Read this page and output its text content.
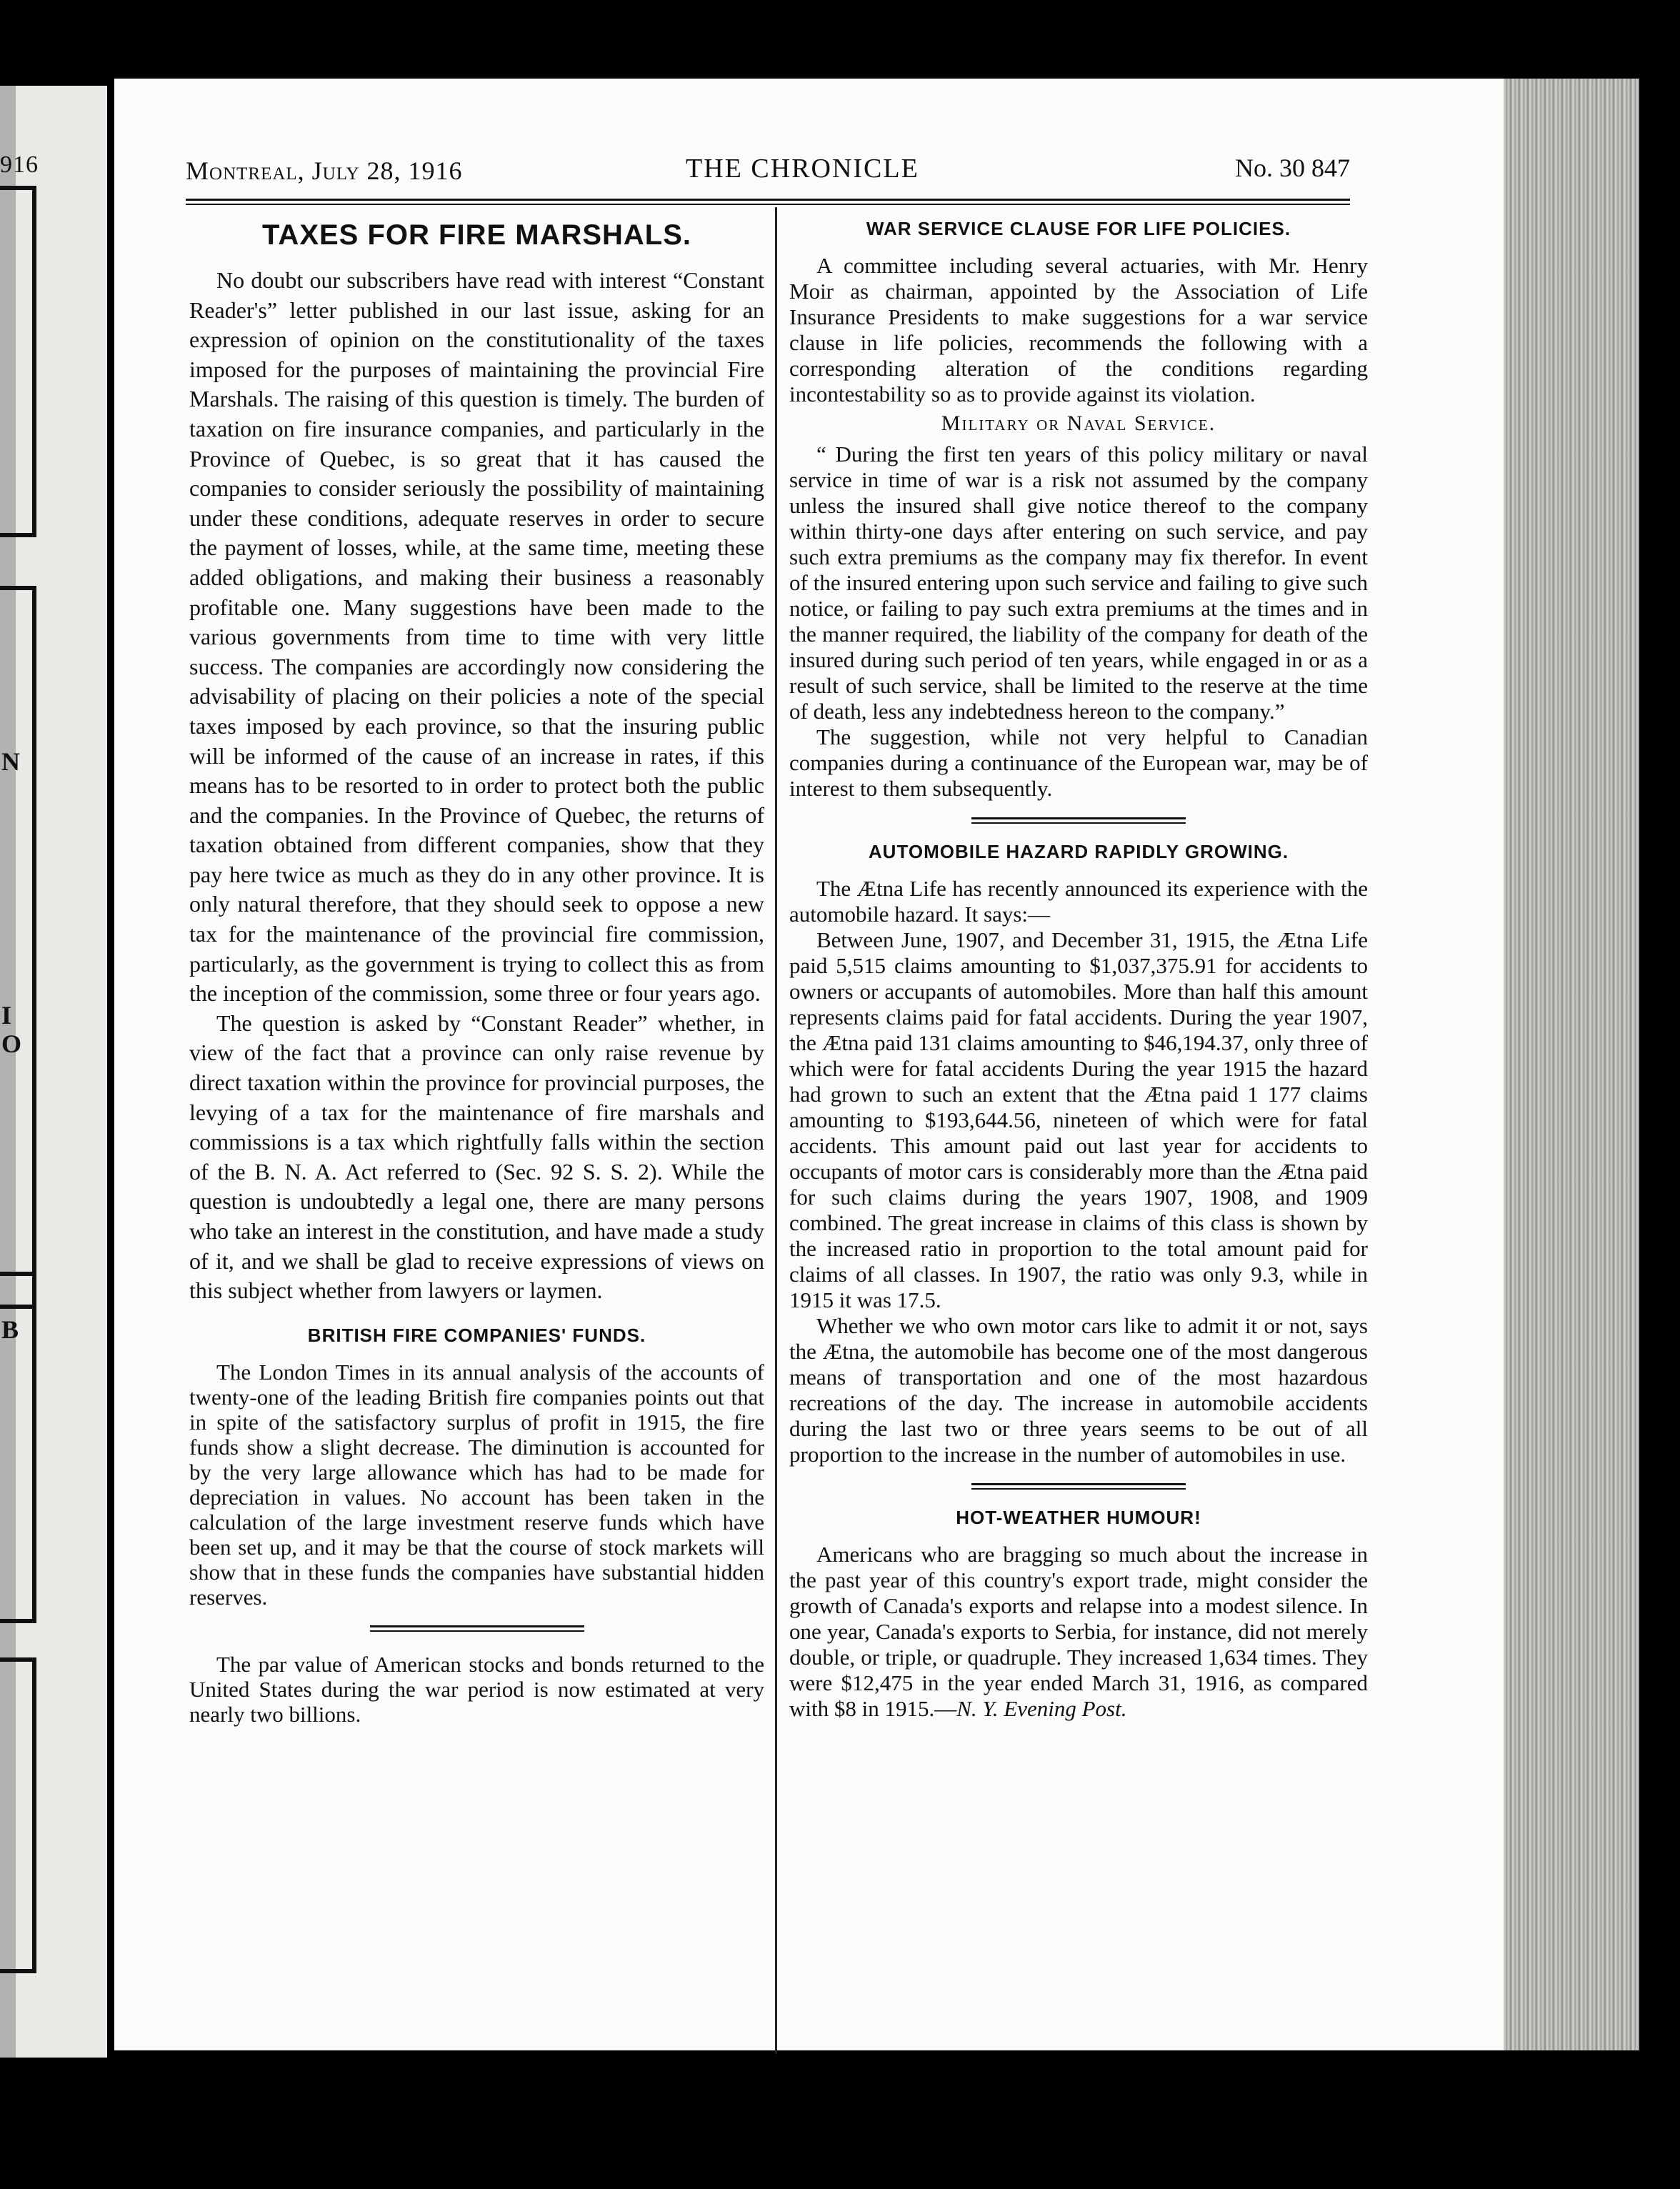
916
I
N
O
B
Montreal, July 28, 1916	THE CHRONICLE	No. 30 847
TAXES FOR FIRE MARSHALS.

No doubt our subscribers have read with interest “Constant Reader's” letter published in our last issue, asking for an expression of opinion on the constitutionality of the taxes imposed for the purposes of maintaining the provincial Fire Marshals. The raising of this question is timely. The burden of taxation on fire insurance companies, and particularly in the Province of Quebec, is so great that it has caused the companies to consider seriously the possibility of maintaining under these conditions, adequate reserves in order to secure the payment of losses, while, at the same time, meeting these added obligations, and making their business a reasonably profitable one. Many suggestions have been made to the various governments from time to time with very little success. The companies are accordingly now considering the advisability of placing on their policies a note of the special taxes imposed by each province, so that the insuring public will be informed of the cause of an increase in rates, if this means has to be resorted to in order to protect both the public and the companies. In the Province of Quebec, the returns of taxation obtained from different companies, show that they pay here twice as much as they do in any other province. It is only natural therefore, that they should seek to oppose a new tax for the maintenance of the provincial fire commission, particularly, as the government is trying to collect this as from the inception of the commission, some three or four years ago.

The question is asked by “Constant Reader” whether, in view of the fact that a province can only raise revenue by direct taxation within the province for provincial purposes, the levying of a tax for the maintenance of fire marshals and commissions is a tax which rightfully falls within the section of the B. N. A. Act referred to (Sec. 92 S. S. 2). While the question is undoubtedly a legal one, there are many persons who take an interest in the constitution, and have made a study of it, and we shall be glad to receive expressions of views on this subject whether from lawyers or laymen.

BRITISH FIRE COMPANIES' FUNDS.

The London Times in its annual analysis of the accounts of twenty-one of the leading British fire companies points out that in spite of the satisfactory surplus of profit in 1915, the fire funds show a slight decrease. The diminution is accounted for by the very large allowance which has had to be made for depreciation in values. No account has been taken in the calculation of the large investment reserve funds which have been set up, and it may be that the course of stock markets will show that in these funds the companies have substantial hidden reserves.

The par value of American stocks and bonds returned to the United States during the war period is now estimated at very nearly two billions.

WAR SERVICE CLAUSE FOR LIFE POLICIES.

A committee including several actuaries, with Mr. Henry Moir as chairman, appointed by the Association of Life Insurance Presidents to make suggestions for a war service clause in life policies, recommends the following with a corresponding alteration of the conditions regarding incontestability so as to provide against its violation.

Military or Naval Service.

“ During the first ten years of this policy military or naval service in time of war is a risk not assumed by the company unless the insured shall give notice thereof to the company within thirty-one days after entering on such service, and pay such extra premiums as the company may fix therefor. In event of the insured entering upon such service and failing to give such notice, or failing to pay such extra premiums at the times and in the manner required, the liability of the company for death of the insured during such period of ten years, while engaged in or as a result of such service, shall be limited to the reserve at the time of death, less any indebtedness hereon to the company.”

The suggestion, while not very helpful to Canadian companies during a continuance of the European war, may be of interest to them subsequently.

AUTOMOBILE HAZARD RAPIDLY GROWING.

The Ætna Life has recently announced its experience with the automobile hazard. It says:—

Between June, 1907, and December 31, 1915, the Ætna Life paid 5,515 claims amounting to $1,037,375.91 for accidents to owners or accupants of automobiles. More than half this amount represents claims paid for fatal accidents. During the year 1907, the Ætna paid 131 claims amounting to $46,194.37, only three of which were for fatal accidents During the year 1915 the hazard had grown to such an extent that the Ætna paid 1 177 claims amounting to $193,644.56, nineteen of which were for fatal accidents. This amount paid out last year for accidents to occupants of motor cars is considerably more than the Ætna paid for such claims during the years 1907, 1908, and 1909 combined. The great increase in claims of this class is shown by the increased ratio in proportion to the total amount paid for claims of all classes. In 1907, the ratio was only 9.3, while in 1915 it was 17.5.

Whether we who own motor cars like to admit it or not, says the Ætna, the automobile has become one of the most dangerous means of transportation and one of the most hazardous recreations of the day. The increase in automobile accidents during the last two or three years seems to be out of all proportion to the increase in the number of automobiles in use.

HOT-WEATHER HUMOUR!

Americans who are bragging so much about the increase in the past year of this country's export trade, might consider the growth of Canada's exports and relapse into a modest silence. In one year, Canada's exports to Serbia, for instance, did not merely double, or triple, or quadruple. They increased 1,634 times. They were $12,475 in the year ended March 31, 1916, as compared with $8 in 1915.—N. Y. Evening Post.
